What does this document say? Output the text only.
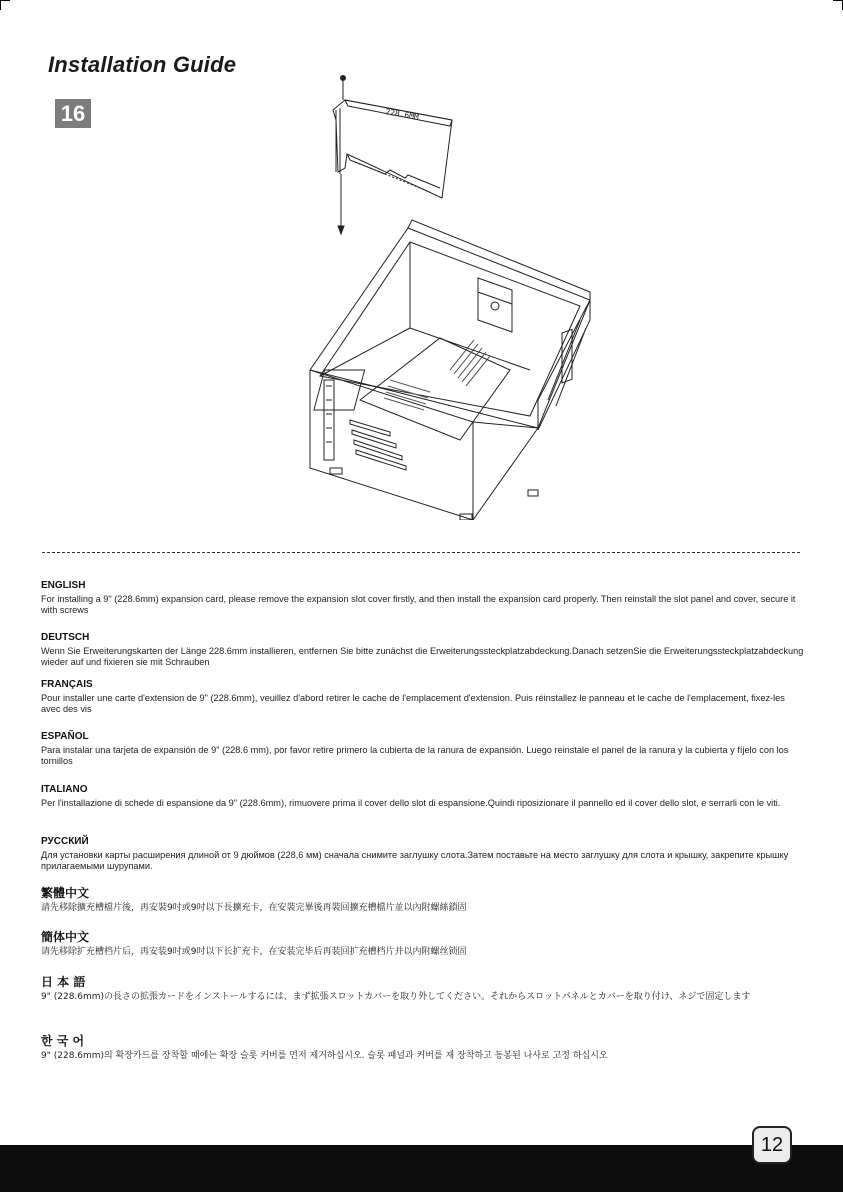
Installation Guide
16	228.6MM
ENGLISH

For installing a 9" (228.6mm) expansion card, please remove the expansion slot cover firstly, and then install the expansion card properly. Then reinstall the slot panel and cover, secure it with screws

DEUTSCH

Wenn Sie Erweiterungskarten der Länge 228.6mm installieren, entfernen Sie bitte zunächst die Erweiterungssteckplatzabdeckung.Danach setzenSie die Erweiterungssteckplatzabdeckung wieder auf und fixieren sie mit Schrauben

FRANÇAIS

Pour installer une carte d'extension de 9" (228.6mm), veuillez d'abord retirer le cache de l'emplacement d'extension. Puis réinstallez le panneau et le cache de l'emplacement, fixez-les avec des vis

ESPAÑOL

Para instalar una tarjeta de expansión de 9" (228.6 mm), por favor retire primero la cubierta de la ranura de expansión. Luego reinstale el panel de la ranura y la cubierta y fíjelo con los tornillos

ITALIANO

Per l'installazione di schede di espansione da 9" (228.6mm), rimuovere prima il cover dello slot di espansione.Quindi riposizionare il pannello ed il cover dello slot, e serrarli con le viti.

РУССКИЙ

Для установки карты расширения длиной от 9 дюймов (228,6 мм) сначала снимите заглушку слота.Затем поставьте на место заглушку для слота и крышку, закрепите крышку прилагаемыми шурупами.

繁體中文

請先移除擴充槽檔片後，再安裝9吋或9吋以下長擴充卡，在安裝完畢後再裝回擴充槽檔片並以內附螺絲鎖固

簡体中文

请先移除扩充槽档片后，再安装9吋或9吋以下长扩充卡，在安装完毕后再装回扩充槽档片并以内附螺丝锁固

日 本 語

9" (228.6mm)の長さの拡張カードをインストールするには、まず拡張スロットカバーを取り外してください。それからスロットパネルとカバーを取り付け、ネジで固定します

한 국 어

9" (228.6mm)의 확장카드를 장착할 때에는 확장 슬롯 커버를 먼저 제거하십시오. 슬롯 패널과 커버를 재 장착하고 동봉된 나사로 고정 하십시오

12
